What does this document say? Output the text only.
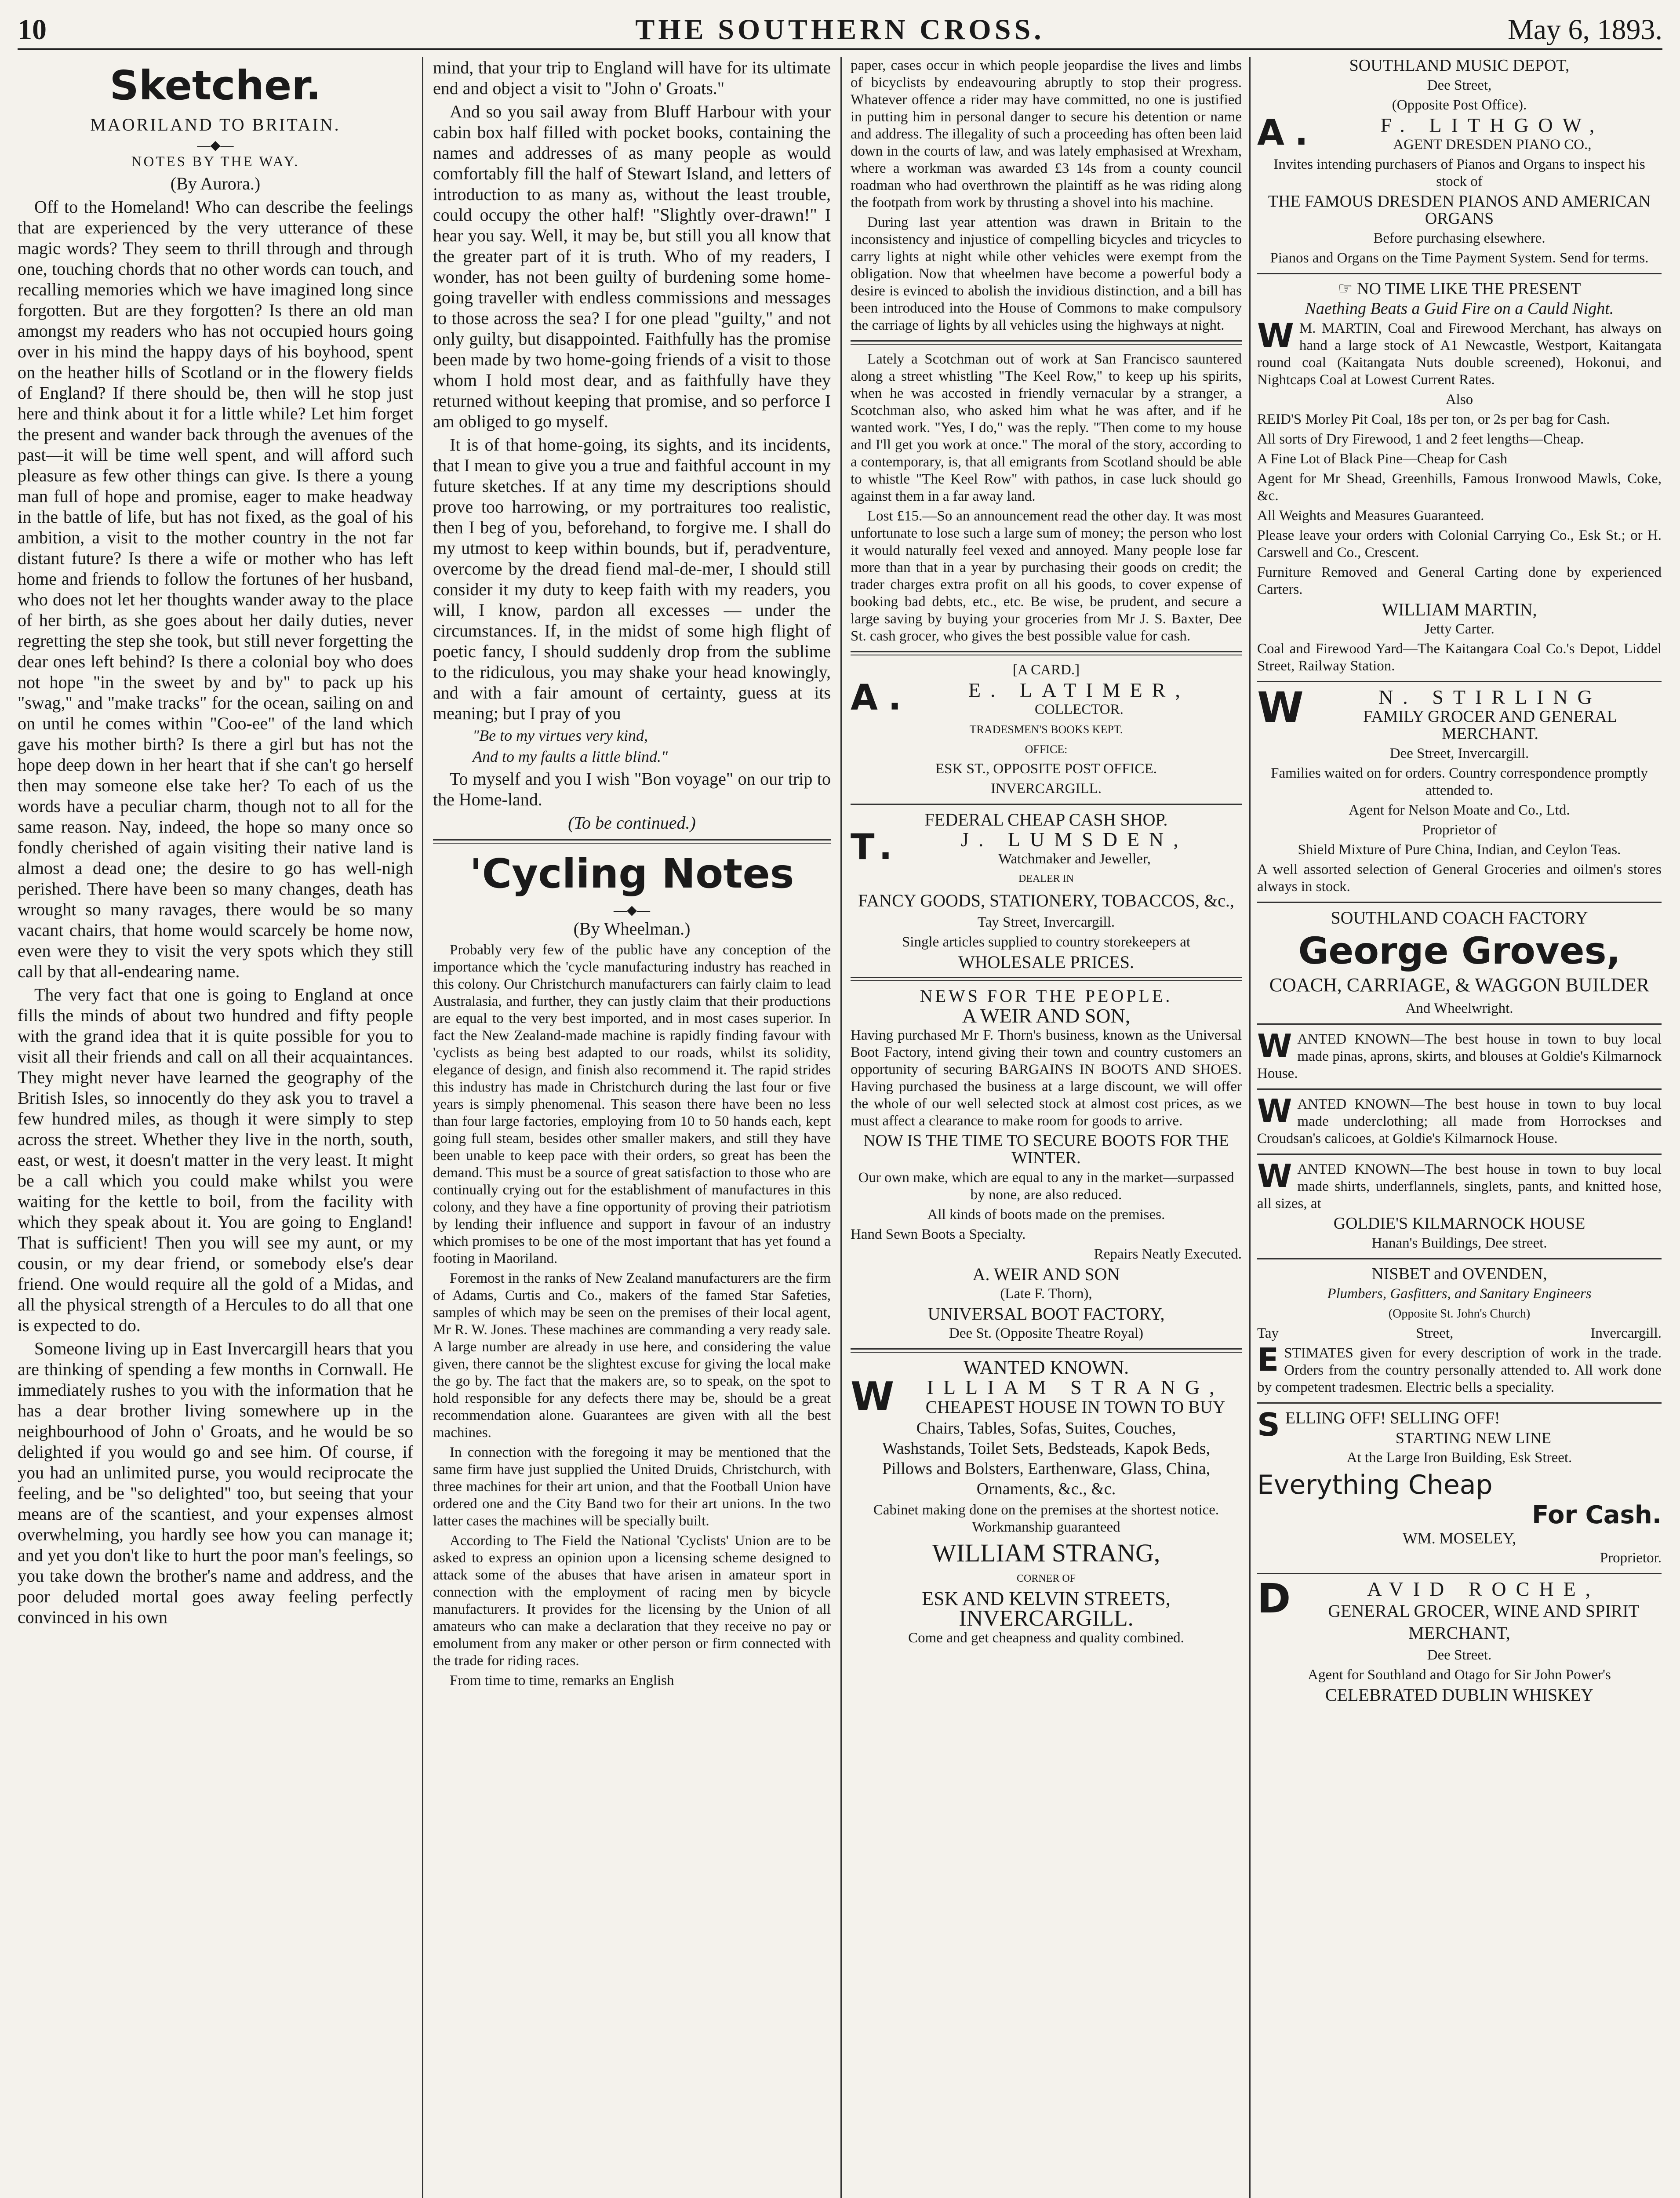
10	THE SOUTHERN CROSS.	May 6, 1893.
Sketcher.

MAORILAND TO BRITAIN.

—◆—

NOTES BY THE WAY.

(By Aurora.)

Off to the Homeland! Who can describe the feelings that are experienced by the very utterance of these magic words? They seem to thrill through and through one, touching chords that no other words can touch, and recalling memories which we have imagined long since forgotten. But are they forgotten? Is there an old man amongst my readers who has not occupied hours going over in his mind the happy days of his boyhood, spent on the heather hills of Scotland or in the flowery fields of England? If there should be, then will he stop just here and think about it for a little while? Let him forget the present and wander back through the avenues of the past—it will be time well spent, and will afford such pleasure as few other things can give. Is there a young man full of hope and promise, eager to make headway in the battle of life, but has not fixed, as the goal of his ambition, a visit to the mother country in the not far distant future? Is there a wife or mother who has left home and friends to follow the fortunes of her husband, who does not let her thoughts wander away to the place of her birth, as she goes about her daily duties, never regretting the step she took, but still never forgetting the dear ones left behind? Is there a colonial boy who does not hope "in the sweet by and by" to pack up his "swag," and "make tracks" for the ocean, sailing on and on until he comes within "Coo-ee" of the land which gave his mother birth? Is there a girl but has not the hope deep down in her heart that if she can't go herself then may someone else take her? To each of us the words have a peculiar charm, though not to all for the same reason. Nay, indeed, the hope so many once so fondly cherished of again visiting their native land is almost a dead one; the desire to go has well-nigh perished. There have been so many changes, death has wrought so many ravages, there would be so many vacant chairs, that home would scarcely be home now, even were they to visit the very spots which they still call by that all-endearing name.

The very fact that one is going to England at once fills the minds of about two hundred and fifty people with the grand idea that it is quite possible for you to visit all their friends and call on all their acquaintances. They might never have learned the geography of the British Isles, so innocently do they ask you to travel a few hundred miles, as though it were simply to step across the street. Whether they live in the north, south, east, or west, it doesn't matter in the very least. It might be a call which you could make whilst you were waiting for the kettle to boil, from the facility with which they speak about it. You are going to England! That is sufficient! Then you will see my aunt, or my cousin, or my dear friend, or somebody else's dear friend. One would require all the gold of a Midas, and all the physical strength of a Hercules to do all that one is expected to do.

Someone living up in East Invercargill hears that you are thinking of spending a few months in Cornwall. He immediately rushes to you with the information that he has a dear brother living somewhere up in the neighbourhood of John o' Groats, and he would be so delighted if you would go and see him. Of course, if you had an unlimited purse, you would reciprocate the feeling, and be "so delighted" too, but seeing that your means are of the scantiest, and your expenses almost overwhelming, you hardly see how you can manage it; and yet you don't like to hurt the poor man's feelings, so you take down the brother's name and address, and the poor deluded mortal goes away feeling perfectly convinced in his own

mind, that your trip to England will have for its ultimate end and object a visit to "John o' Groats."

And so you sail away from Bluff Harbour with your cabin box half filled with pocket books, containing the names and addresses of as many people as would comfortably fill the half of Stewart Island, and letters of introduction to as many as, without the least trouble, could occupy the other half! "Slightly over-drawn!" I hear you say. Well, it may be, but still you all know that the greater part of it is truth. Who of my readers, I wonder, has not been guilty of burdening some home-going traveller with endless commissions and messages to those across the sea? I for one plead "guilty," and not only guilty, but disappointed. Faithfully has the promise been made by two home-going friends of a visit to those whom I hold most dear, and as faithfully have they returned without keeping that promise, and so perforce I am obliged to go myself.

It is of that home-going, its sights, and its incidents, that I mean to give you a true and faithful account in my future sketches. If at any time my descriptions should prove too harrowing, or my portraitures too realistic, then I beg of you, beforehand, to forgive me. I shall do my utmost to keep within bounds, but if, peradventure, overcome by the dread fiend mal-de-mer, I should still consider it my duty to keep faith with my readers, you will, I know, pardon all excesses — under the circumstances. If, in the midst of some high flight of poetic fancy, I should suddenly drop from the sublime to the ridiculous, you may shake your head knowingly, and with a fair amount of certainty, guess at its meaning; but I pray of you

"Be to my virtues very kind,

And to my faults a little blind."

To myself and you I wish "Bon voyage" on our trip to the Home-land.

(To be continued.)

'Cycling Notes
—◆—

(By Wheelman.)

Probably very few of the public have any conception of the importance which the 'cycle manufacturing industry has reached in this colony. Our Christchurch manufacturers can fairly claim to lead Australasia, and further, they can justly claim that their productions are equal to the very best imported, and in most cases superior. In fact the New Zealand-made machine is rapidly finding favour with 'cyclists as being best adapted to our roads, whilst its solidity, elegance of design, and finish also recommend it. The rapid strides this industry has made in Christchurch during the last four or five years is simply phenomenal. This season there have been no less than four large factories, employing from 10 to 50 hands each, kept going full steam, besides other smaller makers, and still they have been unable to keep pace with their orders, so great has been the demand. This must be a source of great satisfaction to those who are continually crying out for the establishment of manufactures in this colony, and they have a fine opportunity of proving their patriotism by lending their influence and support in favour of an industry which promises to be one of the most important that has yet found a footing in Maoriland.

Foremost in the ranks of New Zealand manufacturers are the firm of Adams, Curtis and Co., makers of the famed Star Safeties, samples of which may be seen on the premises of their local agent, Mr R. W. Jones. These machines are commanding a very ready sale. A large number are already in use here, and considering the value given, there cannot be the slightest excuse for giving the local make the go by. The fact that the makers are, so to speak, on the spot to hold responsible for any defects there may be, should be a great recommendation alone. Guarantees are given with all the best machines.

In connection with the foregoing it may be mentioned that the same firm have just supplied the United Druids, Christchurch, with three machines for their art union, and that the Football Union have ordered one and the City Band two for their art unions. In the two latter cases the machines will be specially built.

According to The Field the National 'Cyclists' Union are to be asked to express an opinion upon a licensing scheme designed to attack some of the abuses that have arisen in amateur sport in connection with the employment of racing men by bicycle manufacturers. It provides for the licensing by the Union of all amateurs who can make a declaration that they receive no pay or emolument from any maker or other person or firm connected with the trade for riding races.

From time to time, remarks an English

paper, cases occur in which people jeopardise the lives and limbs of bicyclists by endeavouring abruptly to stop their progress. Whatever offence a rider may have committed, no one is justified in putting him in personal danger to secure his detention or name and address. The illegality of such a proceeding has often been laid down in the courts of law, and was lately emphasised at Wrexham, where a workman was awarded £3 14s from a county council roadman who had overthrown the plaintiff as he was riding along the footpath from work by thrusting a shovel into his machine.

During last year attention was drawn in Britain to the inconsistency and injustice of compelling bicycles and tricycles to carry lights at night while other vehicles were exempt from the obligation. Now that wheelmen have become a powerful body a desire is evinced to abolish the invidious distinction, and a bill has been introduced into the House of Commons to make compulsory the carriage of lights by all vehicles using the highways at night.

Lately a Scotchman out of work at San Francisco sauntered along a street whistling "The Keel Row," to keep up his spirits, when he was accosted in friendly vernacular by a stranger, a Scotchman also, who asked him what he was after, and if he wanted work. "Yes, I do," was the reply. "Then come to my house and I'll get you work at once." The moral of the story, according to a contemporary, is, that all emigrants from Scotland should be able to whistle "The Keel Row" with pathos, in case luck should go against them in a far away land.

Lost £15.—So an announcement read the other day. It was most unfortunate to lose such a large sum of money; the person who lost it would naturally feel vexed and annoyed. Many people lose far more than that in a year by purchasing their goods on credit; the trader charges extra profit on all his goods, to cover expense of booking bad debts, etc., etc. Be wise, be prudent, and secure a large saving by buying your groceries from Mr J. S. Baxter, Dee St. cash grocer, who gives the best possible value for cash.

[A CARD.]

A.	E. LATIMER,

COLLECTOR.

TRADESMEN'S BOOKS KEPT.

OFFICE:

ESK ST., OPPOSITE POST OFFICE.

INVERCARGILL.

FEDERAL CHEAP CASH SHOP.

T.	J. LUMSDEN,

Watchmaker and Jeweller,

DEALER IN

FANCY GOODS, STATIONERY, TOBACCOS, &c.,

Tay Street, Invercargill.

Single articles supplied to country storekeepers at

WHOLESALE PRICES.

NEWS FOR THE PEOPLE.

A WEIR AND SON,

Having purchased Mr F. Thorn's business, known as the Universal Boot Factory, intend giving their town and country customers an opportunity of securing BARGAINS IN BOOTS AND SHOES. Having purchased the business at a large discount, we will offer the whole of our well selected stock at almost cost prices, as we must affect a clearance to make room for goods to arrive.

NOW IS THE TIME TO SECURE BOOTS FOR THE WINTER.

Our own make, which are equal to any in the market—surpassed by none, are also reduced.

All kinds of boots made on the premises.

Hand Sewn Boots a Specialty.

Repairs Neatly Executed.

A. WEIR AND SON

(Late F. Thorn),

UNIVERSAL BOOT FACTORY,

Dee St. (Opposite Theatre Royal)

WANTED KNOWN.

W ILLIAM STRANG,

CHEAPEST HOUSE IN TOWN TO BUY

Chairs, Tables, Sofas, Suites, Couches, Washstands, Toilet Sets, Bedsteads, Kapok Beds, Pillows and Bolsters, Earthenware, Glass, China, Ornaments, &c., &c.

Cabinet making done on the premises at the shortest notice. Workmanship guaranteed

WILLIAM STRANG,

CORNER OF

ESK AND KELVIN STREETS,

INVERCARGILL.

Come and get cheapness and quality combined.

SOUTHLAND MUSIC DEPOT,

Dee Street,

(Opposite Post Office).

A.	F. LITHGOW,

AGENT DRESDEN PIANO CO.,

Invites intending purchasers of Pianos and Organs to inspect his stock of

THE FAMOUS DRESDEN PIANOS AND AMERICAN ORGANS

Before purchasing elsewhere.

Pianos and Organs on the Time Payment System. Send for terms.

☞ NO TIME LIKE THE PRESENT

Naething Beats a Guid Fire on a Cauld Night.

W M. MARTIN, Coal and Firewood Merchant, has always on hand a large stock of A1 Newcastle, Westport, Kaitangata round coal (Kaitangata Nuts double screened), Hokonui, and Nightcaps Coal at Lowest Current Rates.

Also

REID'S Morley Pit Coal, 18s per ton, or 2s per bag for Cash.

All sorts of Dry Firewood, 1 and 2 feet lengths—Cheap.

A Fine Lot of Black Pine—Cheap for Cash

Agent for Mr Shead, Greenhills, Famous Ironwood Mawls, Coke, &c.

All Weights and Measures Guaranteed.

Please leave your orders with Colonial Carrying Co., Esk St.; or H. Carswell and Co., Crescent.

Furniture Removed and General Carting done by experienced Carters.

WILLIAM MARTIN,

Jetty Carter.

Coal and Firewood Yard—The Kaitangara Coal Co.'s Depot, Liddel Street, Railway Station.

W	N. STIRLING

FAMILY GROCER AND GENERAL MERCHANT.

Dee Street, Invercargill.

Families waited on for orders. Country correspondence promptly attended to.

Agent for Nelson Moate and Co., Ltd.

Proprietor of

Shield Mixture of Pure China, Indian, and Ceylon Teas.

A well assorted selection of General Groceries and oilmen's stores always in stock.

SOUTHLAND COACH FACTORY

George Groves,

COACH, CARRIAGE, & WAGGON BUILDER

And Wheelwright.

WANTED KNOWN—The best house in town to buy local made pinas, aprons, skirts, and blouses at Goldie's Kilmarnock House.

WANTED KNOWN—The best house in town to buy local made underclothing; all made from Horrockses and Croudsan's calicoes, at Goldie's Kilmarnock House.

WANTED KNOWN—The best house in town to buy local made shirts, underflannels, singlets, pants, and knitted hose, all sizes, at

GOLDIE'S KILMARNOCK HOUSE

Hanan's Buildings, Dee street.

NISBET and OVENDEN,

Plumbers, Gasfitters, and Sanitary Engineers

(Opposite St. John's Church)

Tay Street,	Invercargill.

ESTIMATES given for every description of work in the trade. Orders from the country personally attended to. All work done by competent tradesmen. Electric bells a speciality.

SELLING OFF! SELLING OFF!

STARTING NEW LINE

At the Large Iron Building, Esk Street.

Everything Cheap
For Cash.

WM. MOSELEY,

Proprietor.

D	AVID ROCHE,

GENERAL GROCER, WINE AND SPIRIT MERCHANT,

Dee Street.

Agent for Southland and Otago for Sir John Power's

CELEBRATED DUBLIN WHISKEY
